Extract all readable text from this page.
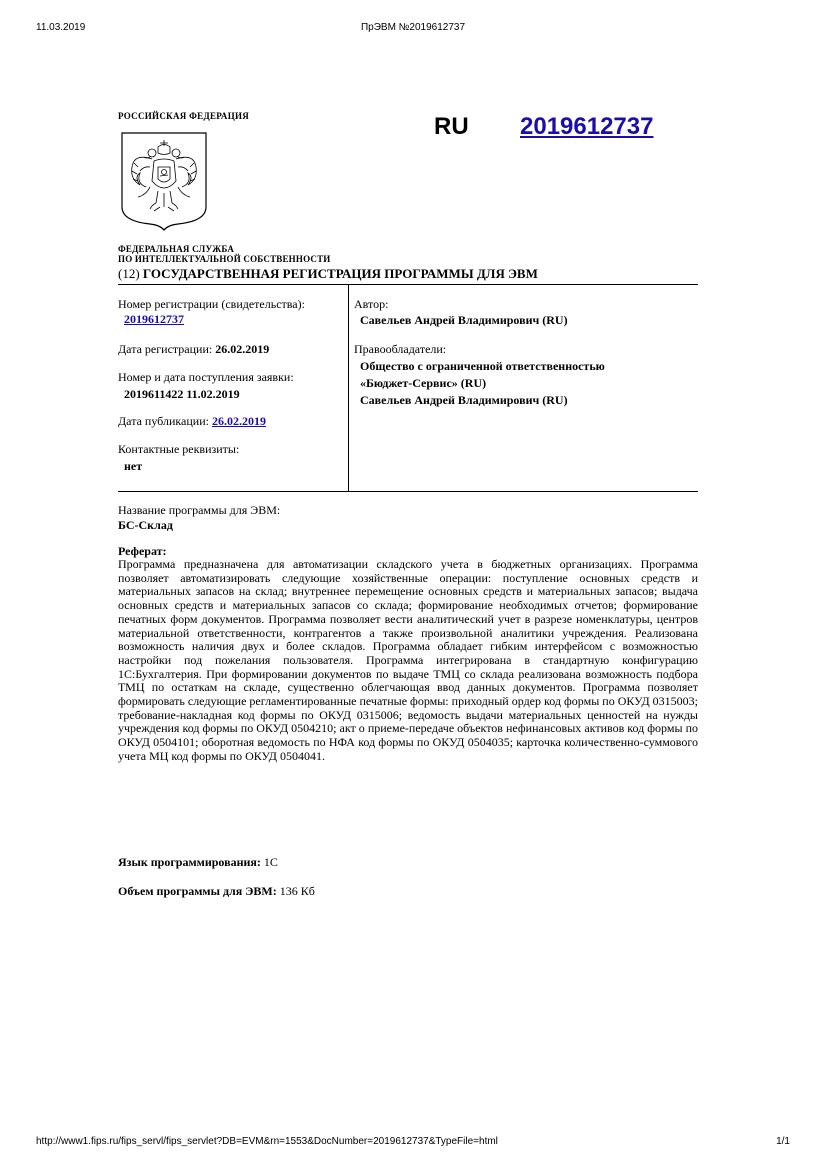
11.03.2019	ПрЭВМ №2019612737
РОССИЙСКАЯ ФЕДЕРАЦИЯ	RU 2019612737
ФЕДЕРАЛЬНАЯ СЛУЖБА
ПО ИНТЕЛЛЕКТУАЛЬНОЙ СОБСТВЕННОСТИ
(12) ГОСУДАРСТВЕННАЯ РЕГИСТРАЦИЯ ПРОГРАММЫ ДЛЯ ЭВМ
Номер регистрации (свидетельства):
2019612737
Дата регистрации: 26.02.2019
Номер и дата поступления заявки:
2019611422 11.02.2019
Дата публикации: 26.02.2019
Контактные реквизиты:
нет
Автор:
Савельев Андрей Владимирович (RU)
Правообладатели:
Общество с ограниченной ответственностью
«Бюджет-Сервис» (RU)
Савельев Андрей Владимирович (RU)
Название программы для ЭВМ:
БС-Склад
Реферат:

Программа предназначена для автоматизации складского учета в бюджетных организациях. Программа позволяет автоматизировать следующие хозяйственные операции: поступление основных средств и материальных запасов на склад; внутреннее перемещение основных средств и материальных запасов; выдача основных средств и материальных запасов со склада; формирование необходимых отчетов; формирование печатных форм документов. Программа позволяет вести аналитический учет в разрезе номенклатуры, центров материальной ответственности, контрагентов а также произвольной аналитики учреждения. Реализована возможность наличия двух и более складов. Программа обладает гибким интерфейсом с возможностью настройки под пожелания пользователя. Программа интегрирована в стандартную конфигурацию 1С:Бухгалтерия. При формировании документов по выдаче ТМЦ со склада реализована возможность подбора ТМЦ по остаткам на складе, существенно облегчающая ввод данных документов. Программа позволяет формировать следующие регламентированные печатные формы: приходный ордер код формы по ОКУД 0315003; требование-накладная код формы по ОКУД 0315006; ведомость выдачи материальных ценностей на нужды учреждения код формы по ОКУД 0504210; акт о приеме-передаче объектов нефинансовых активов код формы по ОКУД 0504101; оборотная ведомость по НФА код формы по ОКУД 0504035; карточка количественно-суммового учета МЦ код формы по ОКУД 0504041.

Язык программирования: 1С
Объем программы для ЭВМ: 136 Кб
http://www1.fips.ru/fips_servl/fips_servlet?DB=EVM&rn=1553&DocNumber=2019612737&TypeFile=html	1/1
